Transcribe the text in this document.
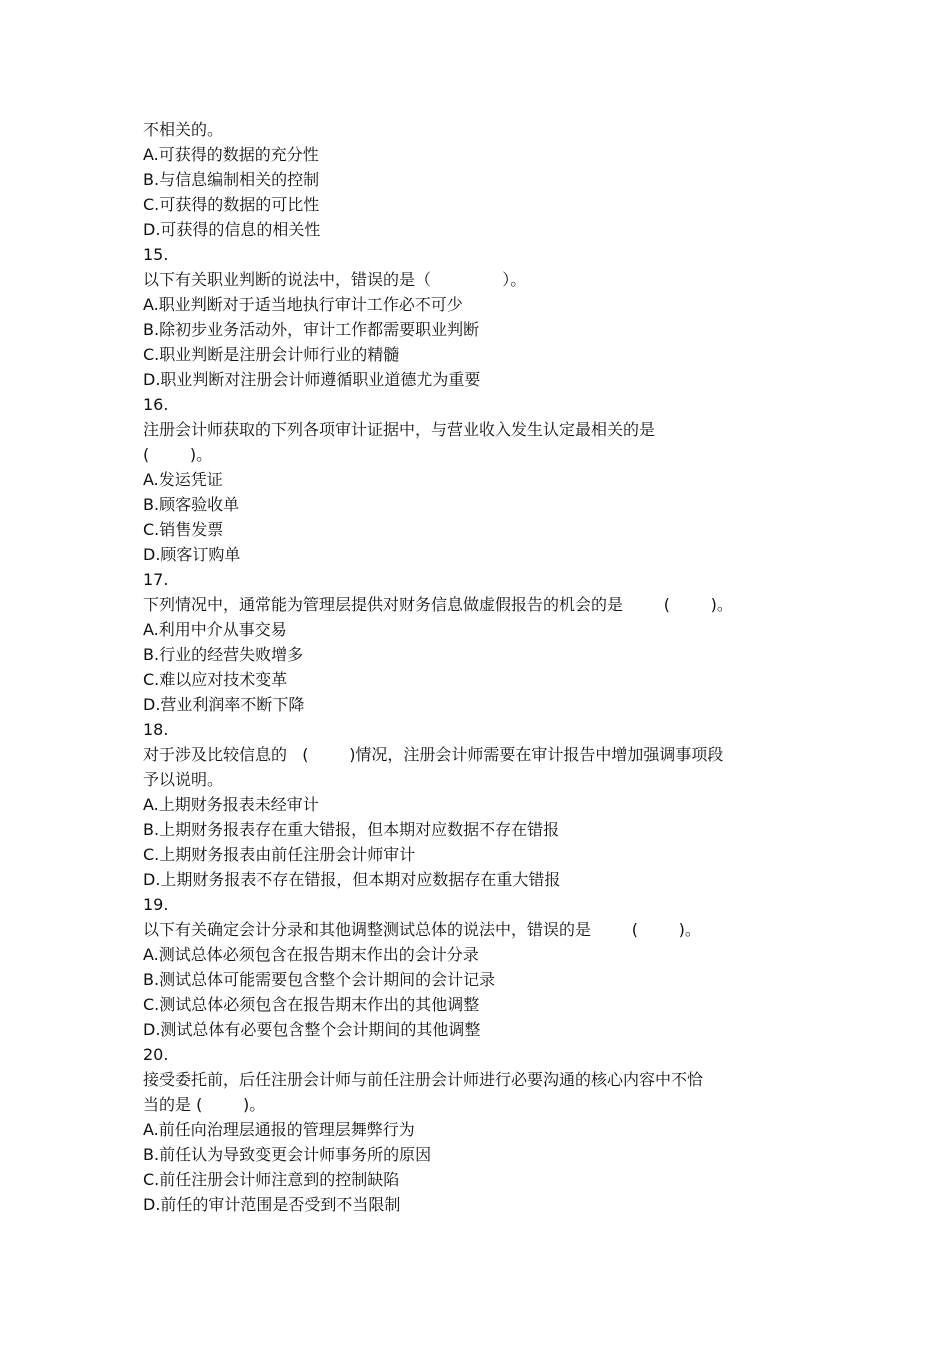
不相关的。

A.可获得的数据的充分性

B.与信息编制相关的控制

C.可获得的数据的可比性

D.可获得的信息的相关性

15.

以下有关职业判断的说法中，错误的是（              ）。

A.职业判断对于适当地执行审计工作必不可少

B.除初步业务活动外，审计工作都需要职业判断

C.职业判断是注册会计师行业的精髓

D.职业判断对注册会计师遵循职业道德尤为重要

16.

注册会计师获取的下列各项审计证据中，与营业收入发生认定最相关的是

(        )。

A.发运凭证

B.顾客验收单

C.销售发票

D.顾客订购单

17.

下列情况中，通常能为管理层提供对财务信息做虚假报告的机会的是        (        )。

A.利用中介从事交易

B.行业的经营失败增多

C.难以应对技术变革

D.营业利润率不断下降

18.

对于涉及比较信息的   (        )情况，注册会计师需要在审计报告中增加强调事项段

予以说明。

A.上期财务报表未经审计

B.上期财务报表存在重大错报，但本期对应数据不存在错报

C.上期财务报表由前任注册会计师审计

D.上期财务报表不存在错报，但本期对应数据存在重大错报

19.

以下有关确定会计分录和其他调整测试总体的说法中，错误的是        (        )。

A.测试总体必须包含在报告期末作出的会计分录

B.测试总体可能需要包含整个会计期间的会计记录

C.测试总体必须包含在报告期末作出的其他调整

D.测试总体有必要包含整个会计期间的其他调整

20.

接受委托前，后任注册会计师与前任注册会计师进行必要沟通的核心内容中不恰

当的是 (        )。

A.前任向治理层通报的管理层舞弊行为

B.前任认为导致变更会计师事务所的原因

C.前任注册会计师注意到的控制缺陷

D.前任的审计范围是否受到不当限制
